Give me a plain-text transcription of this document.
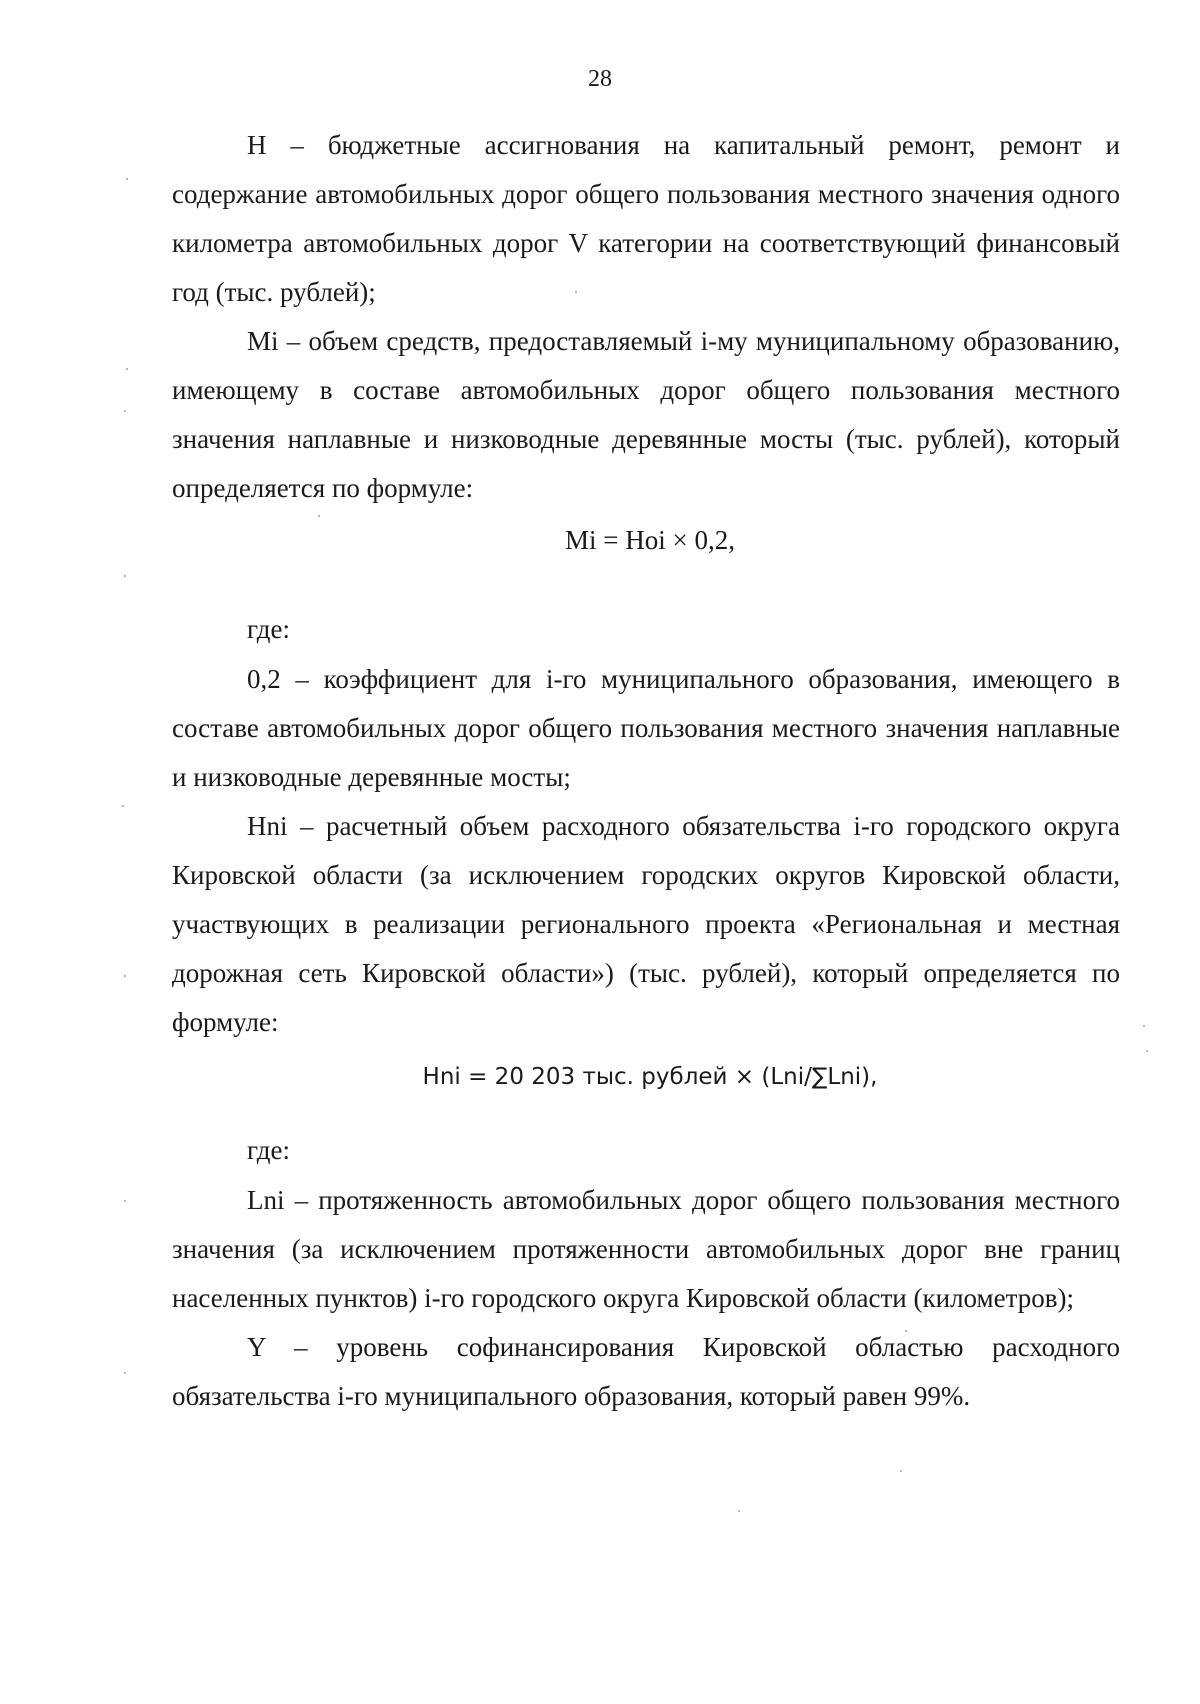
28

Н – бюджетные ассигнования на капитальный ремонт, ремонт и содержание автомобильных дорог общего пользования местного значения одного километра автомобильных дорог V категории на соответствующий финансовый год (тыс. рублей);

Mi – объем средств, предоставляемый i-му муниципальному образованию, имеющему в составе автомобильных дорог общего пользования местного значения наплавные и низководные деревянные мосты (тыс. рублей), который определяется по формуле:

Mi = Hoi × 0,2,
где:

0,2 – коэффициент для i-го муниципального образования, имеющего в составе автомобильных дорог общего пользования местного значения наплавные и низководные деревянные мосты;

Hni – расчетный объем расходного обязательства i-го городского округа Кировской области (за исключением городских округов Кировской области, участвующих в реализации регионального проекта «Региональная и местная дорожная сеть Кировской области») (тыс. рублей), который определяется по формуле:

Hni = 20 203 тыс. рублей × (Lni/∑Lni),
где:

Lni – протяженность автомобильных дорог общего пользования местного значения (за исключением протяженности автомобильных дорог вне границ населенных пунктов) i-го городского округа Кировской области (километров);

Y – уровень софинансирования Кировской областью расходного обязательства i-го муниципального образования, который равен 99%.
